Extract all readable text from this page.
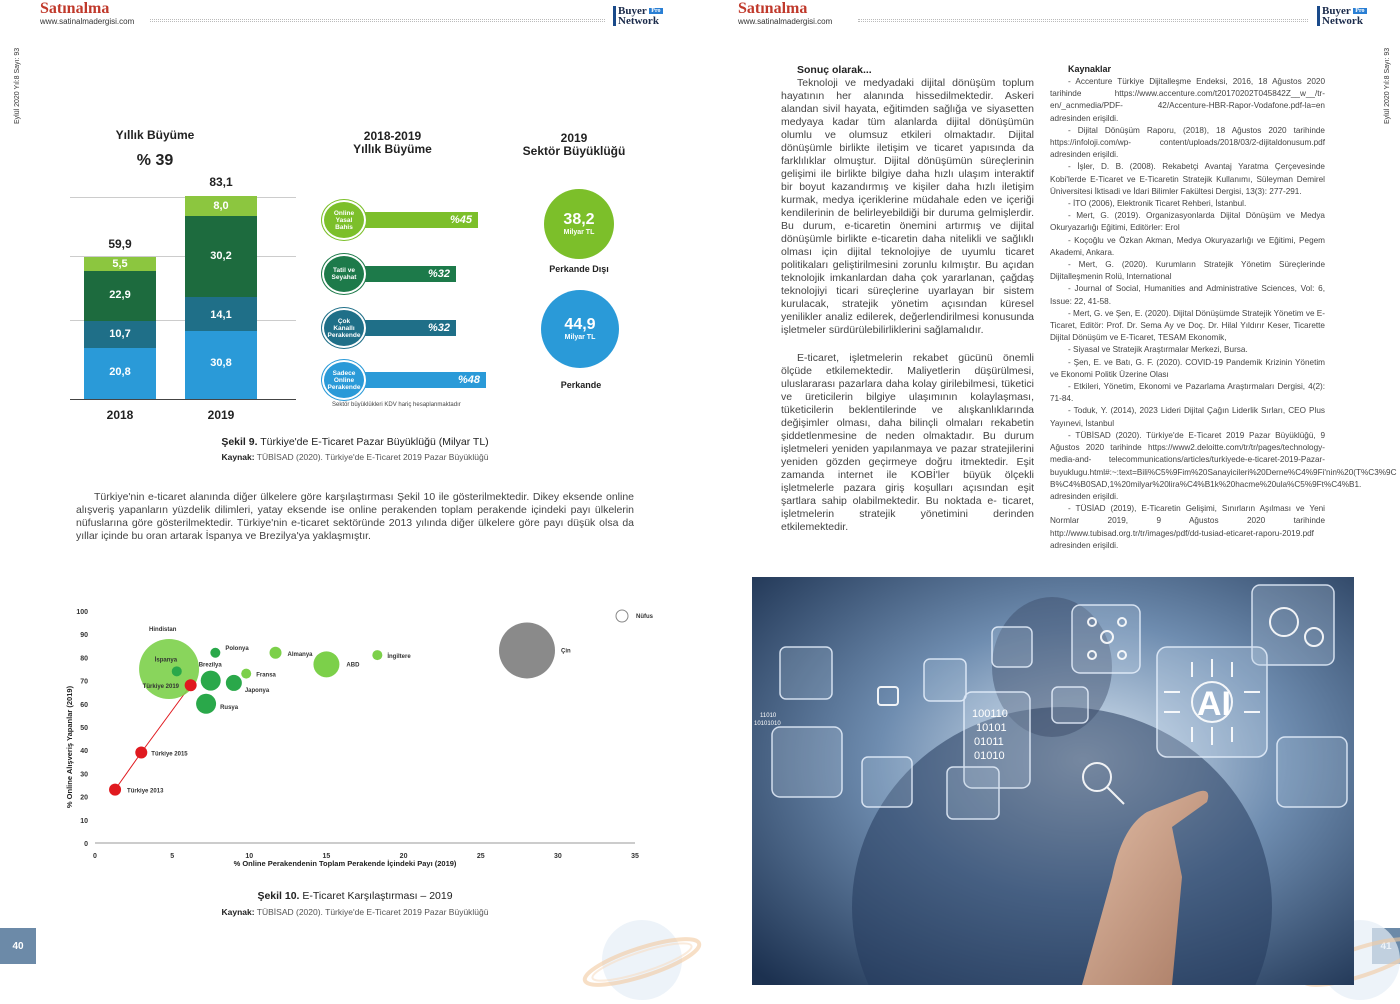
Satınalma
www.satinalmadergisi.com
Buyer $^{Pro}$
Network
Eylül 2020 Yıl:8 Sayı: 93
Satınalma
www.satinalmadergisi.com
Buyer $^{Pro}$
Network
Eylül 2020 Yıl:8 Sayı: 93
Yıllık Büyüme
% 39
59,9
83,1
5,5
22,9
10,7
20,8
8,0
30,2
14,1
30,8
2018	2019
2018-2019
Yıllık Büyüme
%45
Online Yasal Bahis
%32
Tatil ve Seyahat
%32
Çok Kanallı Perakende
%48
Sadece Online Perakende
Sektör büyüklükleri KDV hariç hesaplanmaktadır
2019
Sektör Büyüklüğü
38,2
Milyar TL
Perkande Dışı
44,9
Milyar TL
Perkande
Şekil 9. Türkiye'de E-Ticaret Pazar Büyüklüğü (Milyar TL)
Kaynak: TÜBİSAD (2020). Türkiye'de E-Ticaret 2019 Pazar Büyüklüğü
Türkiye'nin e-ticaret alanında diğer ülkelere göre karşılaştırması Şekil 10 ile gösterilmektedir. Dikey eksende online alışveriş yapanların yüzdelik dilimleri, yatay eksende ise online perakenden toplam perakende içindeki payı ülkelerin nüfuslarına göre gösterilmektedir. Türkiye'nin e-ticaret sektöründe 2013 yılında diğer ülkelere göre payı düşük olsa da yıllar içinde bu oran artarak İspanya ve Brezilya'ya yaklaşmıştır.
0
10
20
30
40
50
60
70
80
90
100
0	5	10	15	20	25	30	35
% Online Perakendenin Toplam Perakende İçindeki Payı (2019)
% Online Alışveriş Yapanlar (2019)
Hindistan
İspanya
Polonya
Brezilya
Fransa
Almanya
Japonya
Rusya
ABD
İngiltere
Çin
Türkiye 2019
Türkiye 2015
Türkiye 2013
Nüfus
Şekil 10. E-Ticaret Karşılaştırması – 2019
Kaynak: TÜBİSAD (2020). Türkiye'de E-Ticaret 2019 Pazar Büyüklüğü
40
Sonuç olarak...
Teknoloji ve medyadaki dijital dönüşüm toplum hayatının her alanında hissedilmektedir. Askeri alandan sivil hayata, eğitimden sağlığa ve siyasetten medyaya kadar tüm alanlarda dijital dönüşümün olumlu ve olumsuz etkileri olmaktadır. Dijital dönüşümle birlikte iletişim ve ticaret yapısında da farklılıklar olmuştur. Dijital dönüşümün süreçlerinin gelişimi ile birlikte bilgiye daha hızlı ulaşım interaktif bir boyut kazandırmış ve kişiler daha hızlı iletişim kurmak, medya içeriklerine müdahale eden ve içeriği kendilerinin de belirleyebildiği bir duruma gelmişlerdir. Bu durum, e-ticaretin önemini artırmış ve dijital dönüşümle birlikte e-ticaretin daha nitelikli ve sağlıklı olması için dijital teknolojiye de uyumlu ticaret politikaları geliştirilmesini zorunlu kılmıştır. Bu açıdan teknolojik imkanlardan daha çok yararlanan, çağdaş teknolojiyi ticari süreçlerine uyarlayan bir sistem kurulacak, stratejik yönetim açısından küresel yenilikler analiz edilerek, değerlendirilmesi konusunda işletmeler sürdürülebilirliklerini sağlamalıdır.
E-ticaret, işletmelerin rekabet gücünü önemli ölçüde etkilemektedir. Maliyetlerin düşürülmesi, uluslararası pazarlara daha kolay girilebilmesi, tüketici ve üreticilerin bilgiye ulaşımının kolaylaşması, tüketicilerin beklentilerinde ve alışkanlıklarında değişimler olması, daha bilinçli olmaları rekabetin şiddetlenmesine de neden olmaktadır. Bu durum işletmeleri yeniden yapılanmaya ve pazar stratejilerini yeniden gözden geçirmeye doğru itmektedir. Eşit zamanda internet ile KOBİ'ler büyük ölçekli işletmelerle pazara giriş koşulları açısından eşit şartlara sahip olabilmektedir. Bu noktada e- ticaret, işletmelerin stratejik yönetimini derinden etkilemektedir.
Kaynaklar
- Accenture Türkiye Dijitalleşme Endeksi, 2016, 18 Ağustos 2020 tarihinde https://www.accenture.com/t20170202T045842Z__w__/tr-en/_acnmedia/PDF- 42/Accenture-HBR-Rapor-Vodafone.pdf-la=en adresinden erişildi.
- Dijital Dönüşüm Raporu, (2018), 18 Ağustos 2020 tarihinde https://infoloji.com/wp- content/uploads/2018/03/2-dijitaldonusum.pdf adresinden erişildi.
- İşler, D. B. (2008). Rekabetçi Avantaj Yaratma Çerçevesinde Kobi'lerde E-Ticaret ve E-Ticaretin Stratejik Kullanımı, Süleyman Demirel Üniversitesi İktisadi ve İdari Bilimler Fakültesi Dergisi, 13(3): 277-291.
- İTO (2006), Elektronik Ticaret Rehberi, İstanbul.
- Mert, G. (2019). Organizasyonlarda Dijital Dönüşüm ve Medya Okuryazarlığı Eğitimi, Editörler: Erol
- Koçoğlu ve Özkan Akman, Medya Okuryazarlığı ve Eğitimi, Pegem Akademi, Ankara.
- Mert, G. (2020). Kurumların Stratejik Yönetim Süreçlerinde Dijitalleşmenin Rolü, International
- Journal of Social, Humanities and Administrative Sciences, Vol: 6, Issue: 22, 41-58.
- Mert, G. ve Şen, E. (2020). Dijital Dönüşümde Stratejik Yönetim ve E-Ticaret, Editör: Prof. Dr. Sema Ay ve Doç. Dr. Hilal Yıldırır Keser, Ticarette Dijital Dönüşüm ve E-Ticaret, TESAM Ekonomik,
- Siyasal ve Stratejik Araştırmalar Merkezi, Bursa.
- Şen, E. ve Batı, G. F. (2020). COVID-19 Pandemik Krizinin Yönetim ve Ekonomi Politik Üzerine Olası
- Etkileri, Yönetim, Ekonomi ve Pazarlama Araştırmaları Dergisi, 4(2): 71-84.
- Toduk, Y. (2014), 2023 Lideri Dijital Çağın Liderlik Sırları, CEO Plus Yayınevi, İstanbul
- TÜBİSAD (2020). Türkiye'de E-Ticaret 2019 Pazar Büyüklüğü, 9 Ağustos 2020 tarihinde https://www2.deloitte.com/tr/tr/pages/technology-media-and- telecommunications/articles/turkiyede-e-ticaret-2019-Pazar- buyuklugu.html#:~:text=Bili%C5%9Fim%20Sanayicileri%20Derne%C4%9Fi'nin%20(T%C3%9C B%C4%B0SAD,1%20milyar%20lira%C4%B1k%20hacme%20ula%C5%9Ft%C4%B1. adresinden erişildi.
- TÜSİAD (2019), E-Ticaretin Gelişimi, Sınırların Aşılması ve Yeni Normlar 2019, 9 Ağustos 2020 tarihinde http://www.tubisad.org.tr/tr/images/pdf/dd-tusiad-eticaret-raporu-2019.pdf adresinden erişildi.
AI
100110
10101
01011
01010
11010
10101010
